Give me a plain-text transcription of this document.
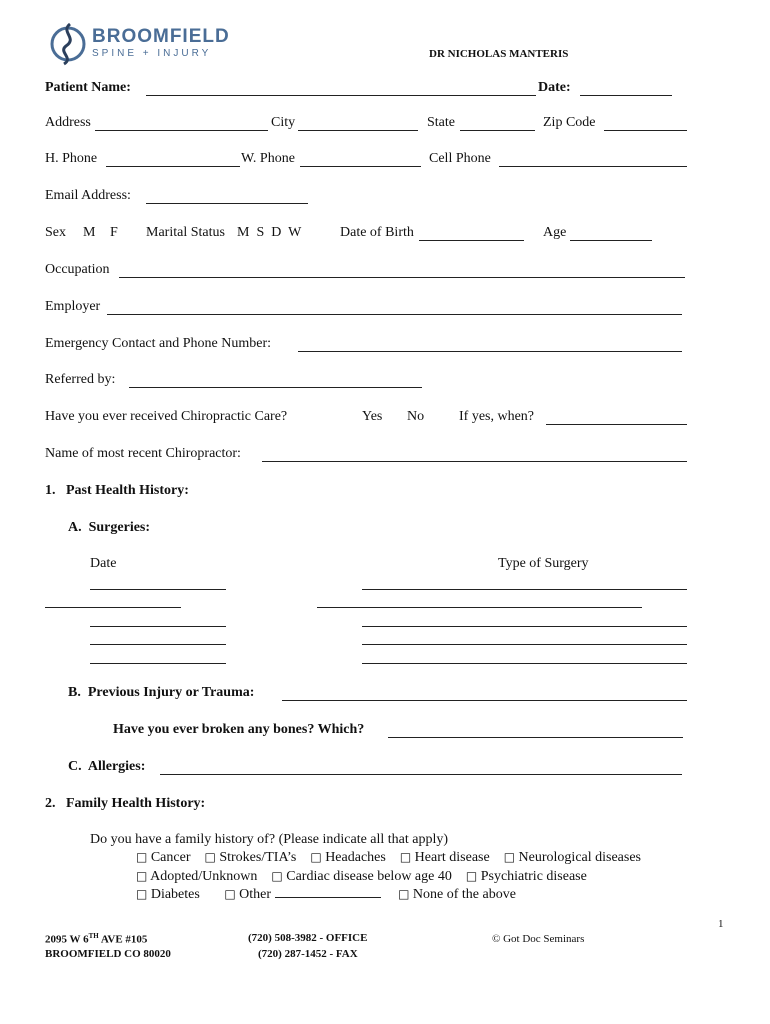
BROOMFIELD
SPINE + INJURY	DR NICHOLAS MANTERIS
Patient Name:	Date:
Address	City	State	Zip Code
H. Phone	W. Phone	Cell Phone
Email Address:
Sex M F Marital Status M  S  D  W	Date of Birth	Age
Occupation
Employer
Emergency Contact and Phone Number:
Referred by:
Have you ever received Chiropractic Care?	Yes No If yes, when?
Name of most recent Chiropractor:
1.   Past Health History:
A.  Surgeries:
Date	Type of Surgery
B.  Previous Injury or Trauma:
Have you ever broken any bones? Which?
C.  Allergies:
2.   Family Health History:
Do you have a family history of? (Please indicate all that apply)
□ Cancer □ Strokes/TIA’s □ Headaches □ Heart disease □ Neurological diseases
□ Adopted/Unknown □ Cardiac disease below age 40 □ Psychiatric disease
□ Diabetes □ Other	□ None of the above
1
2095 W 6TH AVE #105
BROOMFIELD CO 80020
(720) 508-3982 - OFFICE
(720) 287-1452 - FAX
© Got Doc Seminars
